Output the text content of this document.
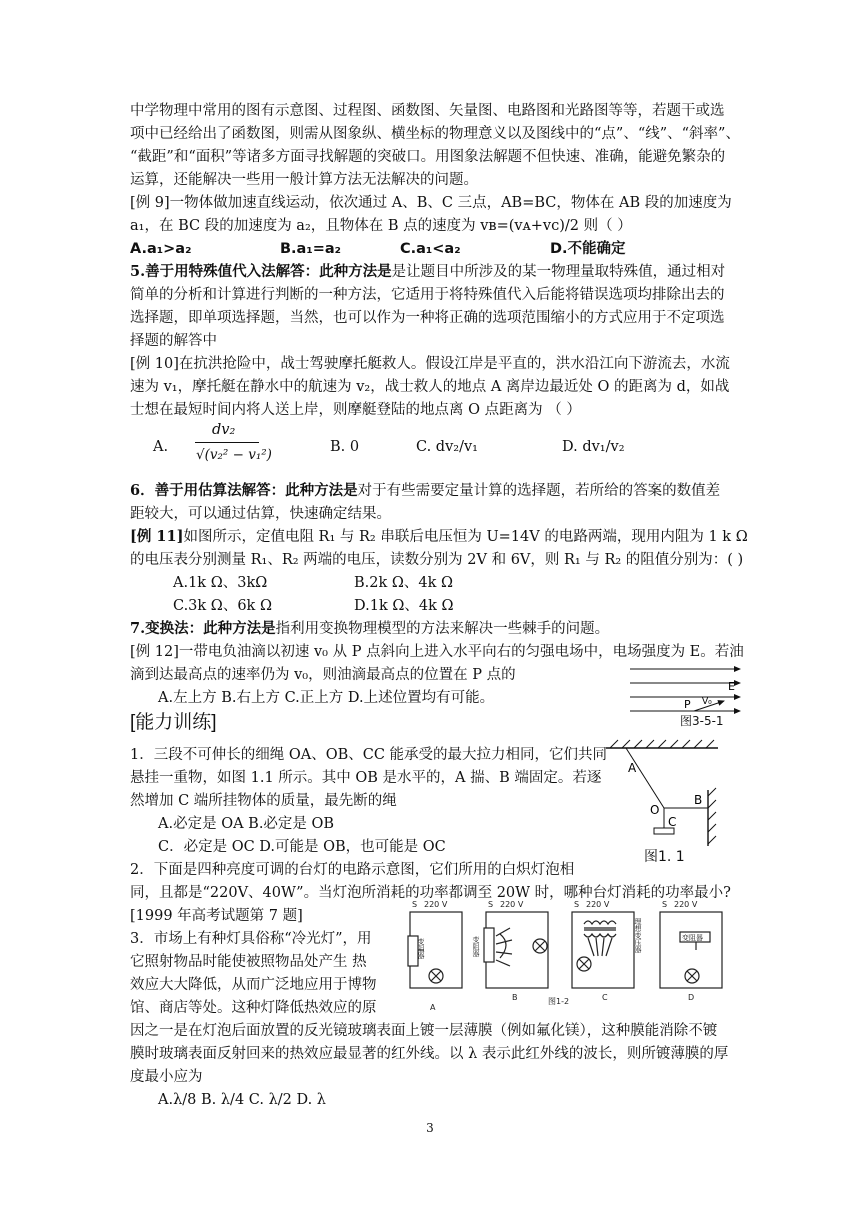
中学物理中常用的图有示意图、过程图、函数图、矢量图、电路图和光路图等等，若题干或选
项中已经给出了函数图，则需从图象纵、横坐标的物理意义以及图线中的“点”、“线”、“斜率”、
“截距”和“面积”等诸多方面寻找解题的突破口。用图象法解题不但快速、准确，能避免繁杂的
运算，还能解决一些用一般计算方法无法解决的问题。
[例 9]一物体做加速直线运动，依次通过 A、B、C 三点，AB=BC，物体在 AB 段的加速度为
a₁，在 BC 段的加速度为 a₂，且物体在 B 点的速度为 vʙ=(vᴀ+vᴄ)/2 则（ ）
A.a₁>a₂	B.a₁=a₂	C.a₁<a₂	D.不能确定
5.善于用特殊值代入法解答：此种方法是是让题目中所涉及的某一物理量取特殊值，通过相对
简单的分析和计算进行判断的一种方法，它适用于将特殊值代入后能将错误选项均排除出去的
选择题，即单项选择题，当然，也可以作为一种将正确的选项范围缩小的方式应用于不定项选
择题的解答中
[例 10]在抗洪抢险中，战士驾驶摩托艇救人。假设江岸是平直的，洪水沿江向下游流去，水流
速为 v₁，摩托艇在静水中的航速为 v₂，战士救人的地点 A 离岸边最近处 O 的距离为 d，如战
士想在最短时间内将人送上岸，则摩艇登陆的地点离 O 点距离为 （ ）
A.
dv₂
√(v₂² − v₁²)	B. 0	C. dv₂/v₁	D. dv₁/v₂
6．善于用估算法解答：此种方法是对于有些需要定量计算的选择题，若所给的答案的数值差
距较大，可以通过估算，快速确定结果。
[例 11]如图所示，定值电阻 R₁ 与 R₂ 串联后电压恒为 U=14V 的电路两端，现用内阻为 1 k Ω
的电压表分别测量 R₁、R₂ 两端的电压，读数分别为 2V 和 6V，则 R₁ 与 R₂ 的阻值分别为：( )
A.1k Ω、3kΩ	B.2k Ω、4k Ω
C.3k Ω、6k Ω	D.1k Ω、4k Ω
7.变换法：此种方法是指利用变换物理模型的方法来解决一些棘手的问题。
[例 12]一带电负油滴以初速 v₀ 从 P 点斜向上进入水平向右的匀强电场中，电场强度为 E。若油
滴到达最高点的速率仍为 v₀，则油滴最高点的位置在 P 点的
A.左上方 B.右上方 C.正上方 D.上述位置均有可能。
E
P V₀
图3-5-1
[能力训练]
1．三段不可伸长的细绳 OA、OB、CC 能承受的最大拉力相同，它们共同
悬挂一重物，如图 1.1 所示。其中 OB 是水平的，A 揣、B 端固定。若逐
然增加 C 端所挂物体的质量，最先断的绳
A.必定是 OA B.必定是 OB
C．必定是 OC D.可能是 OB，也可能是 OC
A
O
B
C
图1. 1
2．下面是四种亮度可调的台灯的电路示意图，它们所用的白炽灯泡相
同，且都是“220V、40W”。当灯泡所消耗的功率都调至 20W 时，哪种台灯消耗的功率最小?
[1999 年高考试题第 7 题]
3．市场上有种灯具俗称“冷光灯”，用
它照射物品时能使被照物品处产生 热
效应大大降低，从而广泛地应用于博物
馆、商店等处。这种灯降低热效应的原
因之一是在灯泡后面放置的反光镜玻璃表面上镀一层薄膜（例如氟化镁），这种膜能消除不镀
膜时玻璃表面反射回来的热效应最显著的红外线。以 λ 表示此红外线的波长，则所镀薄膜的厚
度最小应为
A.λ/8 B. λ/4 C. λ/2 D. λ
S 220 V	S 220 V	S 220 V	S 220 V
变阻器	变阻器	理想变压器	变阻器
A
B	C	D
图1-2
3
